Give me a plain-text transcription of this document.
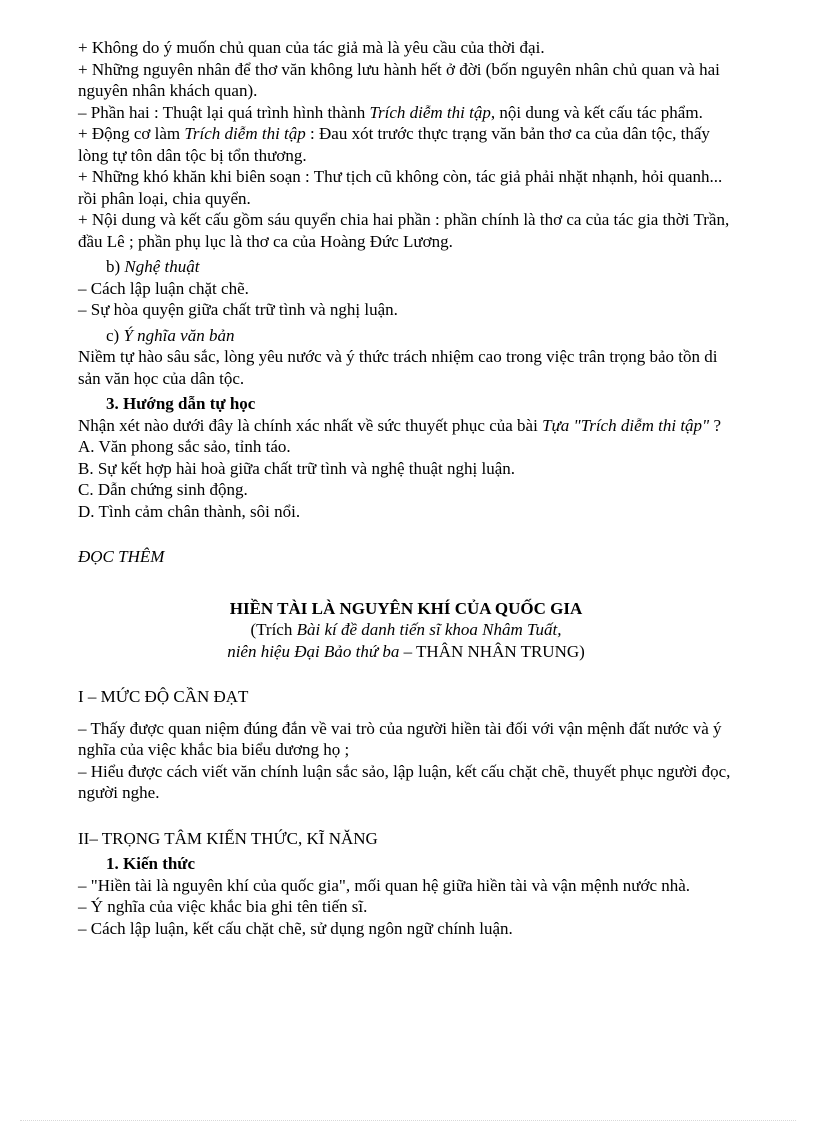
+ Không do ý muốn chủ quan của tác giả mà là yêu cầu của thời đại.

+ Những nguyên nhân để thơ văn không lưu hành hết ở đời (bốn nguyên nhân chủ quan và hai nguyên nhân khách quan).

– Phần hai : Thuật lại quá trình hình thành Trích diễm thi tập, nội dung và kết cấu tác phẩm.

+ Động cơ làm Trích diễm thi tập : Đau xót trước thực trạng văn bản thơ ca của dân tộc, thấy lòng tự tôn dân tộc bị tổn thương.

+ Những khó khăn khi biên soạn : Thư tịch cũ không còn, tác giả phải nhặt nhạnh, hỏi quanh... rồi phân loại, chia quyển.

+ Nội dung và kết cấu gồm sáu quyển chia hai phần : phần chính là thơ ca của tác gia thời Trần, đầu Lê ; phần phụ lục là thơ ca của Hoàng Đức Lương.

b) Nghệ thuật

– Cách lập luận chặt chẽ.

– Sự hòa quyện giữa chất trữ tình và nghị luận.

c) Ý nghĩa văn bản

Niềm tự hào sâu sắc, lòng yêu nước và ý thức trách nhiệm cao trong việc trân trọng bảo tồn di sản văn học của dân tộc.

3. Hướng dẫn tự học

Nhận xét nào dưới đây là chính xác nhất về sức thuyết phục của bài Tựa "Trích diễm thi tập" ?

A. Văn phong sắc sảo, tỉnh táo.

B. Sự kết hợp hài hoà giữa chất trữ tình và nghệ thuật nghị luận.

C. Dẫn chứng sinh động.

D. Tình cảm chân thành, sôi nổi.

ĐỌC THÊM

HIỀN TÀI LÀ NGUYÊN KHÍ CỦA QUỐC GIA

(Trích Bài kí đề danh tiến sĩ khoa Nhâm Tuất,

niên hiệu Đại Bảo thứ ba – THÂN NHÂN TRUNG)

I – MỨC ĐỘ CẦN ĐẠT

– Thấy được quan niệm đúng đắn về vai trò của người hiền tài đối với vận mệnh đất nước và ý nghĩa của việc khắc bia biểu dương họ ;

– Hiểu được cách viết văn chính luận sắc sảo, lập luận, kết cấu chặt chẽ, thuyết phục người đọc, người nghe.

II– TRỌNG TÂM KIẾN THỨC, KĨ NĂNG

1. Kiến thức

– "Hiền tài là nguyên khí của quốc gia", mối quan hệ giữa hiền tài và vận mệnh nước nhà.

– Ý nghĩa của việc khắc bia ghi tên tiến sĩ.

– Cách lập luận, kết cấu chặt chẽ, sử dụng ngôn ngữ chính luận.
